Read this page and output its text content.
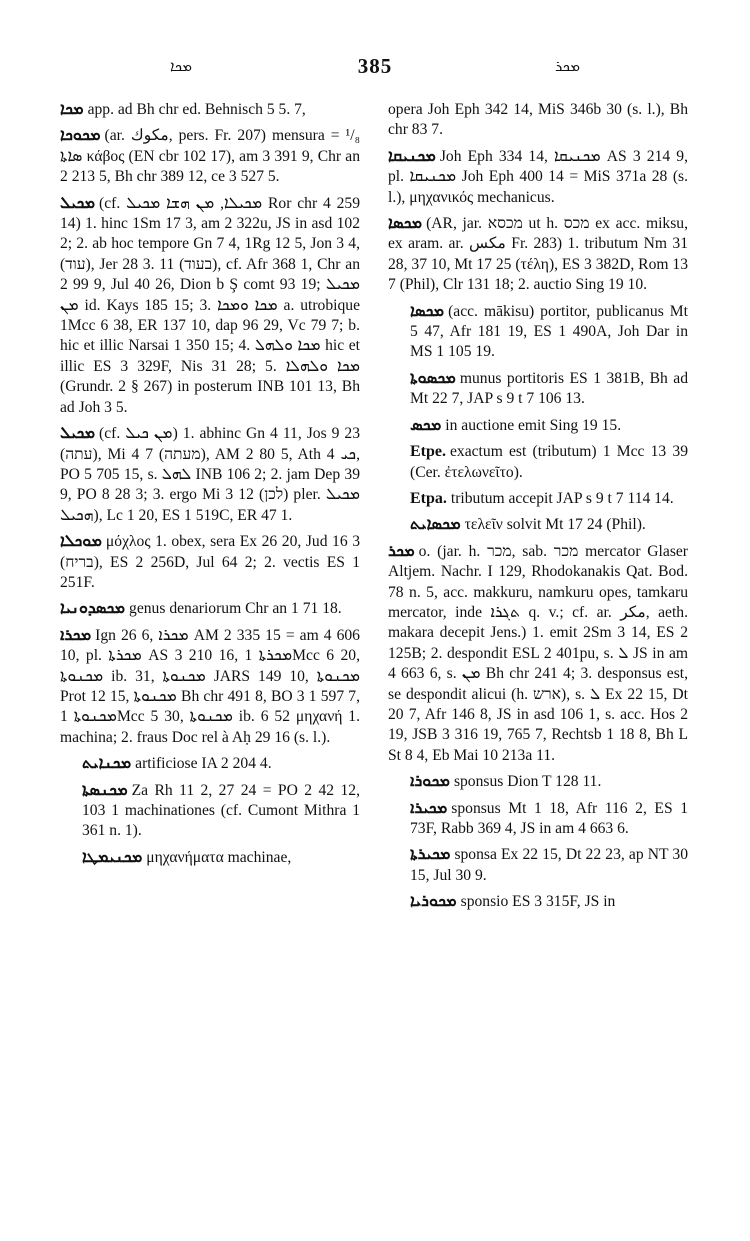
ܡܟܐ	385	ܡܟܪ

ܡܟܐ app. ad Bh chr ed. Behnisch 5 5. 7,

ܡܟܘܟܐ (ar. مكوك, pers. Fr. 207) mensura = ¹/₈ ܣܐܬܐ κάβος (EN cbr 102 17), am 3 391 9, Chr an 2 213 5, Bh chr 389 12, ce 3 527 5.

ܡܟܝܠ (cf. ܡܟܝܠܐ, ܡܢ ܗܫܐ ܡܟܝܠ Ror chr 4 259 14) 1. hinc 1Sm 17 3, am 2 322u, JS in asd 102 2; 2. ab hoc tempore Gn 7 4, 1Rg 12 5, Jon 3 4, (עוד), Jer 28 3. 11 (בעוד), cf. Afr 368 1, Chr an 2 99 9, Jul 40 26, Dion b Ş comt 93 19; ܡܟܝܠ ܡܢ id. Kays 185 15; 3. ܡܟܐ ܘܡܟܐ a. utrobique 1Mcc 6 38, ER 137 10, dap 96 29, Vc 79 7; b. hic et illic Narsai 1 350 15; 4. ܡܟܐ ܘܠܗܠ hic et illic ES 3 329F, Nis 31 28; 5. ܡܟܐ ܘܠܗܠܐ (Grundr. 2 § 267) in posterum INB 101 13, Bh ad Joh 3 5.

ܡܟܝܠ (cf. ܡܢ ܟܝܠ) 1. abhinc Gn 4 11, Jos 9 23 (עתה), Mi 4 7 (מעתה), AM 2 80 5, Ath ܟܝ 4, PO 5 705 15, s. ܠܗܠ INB 106 2; 2. jam Dep 39 9, PO 8 28 3; 3. ergo Mi 3 12 (לכן) pler. ܡܟܝܠ ܗܟܝܠ), Lc 1 20, ES 1 519C, ER 47 1.

ܡܘܟܠܐ μόχλος 1. obex, sera Ex 26 20, Jud 16 3 (בריח), ES 2 256D, Jul 64 2; 2. vectis ES 1 251F.

ܡܟܣܕܘܢܝܐ genus denariorum Chr an 1 71 18.

ܡܟܪܐ Ign 26 6, ܡܟܪܐ AM 2 335 15 = am 4 606 10, pl. ܡܟܪܬܐ AS 3 210 16, ܡܟܪܬܐ 1Mcc 6 20, ܡܟܢܘܬܐ ib. 31, ܡܟܢܘܬܐ JARS 149 10, ܡܟܢܘܬܐ Prot 12 15, ܡܟܢܘܬܐ Bh chr 491 8, BO 3 1 597 7, ܡܟܢܘܬܐ 1Mcc 5 30, ܡܟܢܘܬܐ ib. 6 52 μηχανή 1. machina; 2. fraus Doc rel à Aḥ 29 16 (s. l.).

ܡܟܢܐܝܬ artificiose IA 2 204 4.

ܡܟܢܣܬܐ Za Rh 11 2, 27 24 = PO 2 42 12, 103 1 machinationes (cf. Cumont Mithra 1 361 n. 1).

ܡܟܢܝܡܛܐ μηχανήματα machinae,

opera Joh Eph 342 14, MiS 346b 30 (s. l.), Bh chr 83 7.

ܡܟܢܝܩܐ Joh Eph 334 14, ܡܟܢܝܩܐ AS 3 214 9, pl. ܡܟܢܝܩܐ Joh Eph 400 14 = MiS 371a 28 (s. l.), μηχανικός mechanicus.

ܡܟܣܐ (AR, jar. מכסא ut h. מכס ex acc. miksu, ex aram. ar. مكس Fr. 283) 1. tributum Nm 31 28, 37 10, Mt 17 25 (τέλη), ES 3 382D, Rom 13 7 (Phil), Clr 131 18; 2. auctio Sing 19 10.

ܡܟܣܐ (acc. mākisu) portitor, publicanus Mt 5 47, Afr 181 19, ES 1 490A, Joh Dar in MS 1 105 19.

ܡܟܣܘܬܐ munus portitoris ES 1 381B, Bh ad Mt 22 7, JAP s 9 t 7 106 13.

ܡܟܣ in auctione emit Sing 19 15.

Etpe. exactum est (tributum) 1 Mcc 13 39 (Cer. ἐτελωνεῖτο).

Etpa. tributum accepit JAP s 9 t 7 114 14.

ܡܟܣܐܝܬ τελεῖν solvit Mt 17 24 (Phil).

ܡܟܪ o. (jar. h. מכר, sab. מכר mercator Glaser Altjem. Nachr. I 129, Rhodokanakis Qat. Bod. 78 n. 5, acc. makkuru, namkuru opes, tamkaru mercator, inde ܬܓܪܐ q. v.; cf. ar. مكر, aeth. makara decepit Jens.) 1. emit 2Sm 3 14, ES 2 125B; 2. despondit ESL 2 401pu, s. ܠ JS in am 4 663 6, s. ܡܢ Bh chr 241 4; 3. desponsus est, se despondit alicui (h. ארש), s. ܠ Ex 22 15, Dt 20 7, Afr 146 8, JS in asd 106 1, s. acc. Hos 2 19, JSB 3 316 19, 765 7, Rechtsb 1 18 8, Bh L St 8 4, Eb Mai 10 213a 11.

ܡܟܘܪܐ sponsus Dion T 128 11.

ܡܟܝܪܐ sponsus Mt 1 18, Afr 116 2, ES 1 73F, Rabb 369 4, JS in am 4 663 6.

ܡܟܝܪܬܐ sponsa Ex 22 15, Dt 22 23, ap NT 30 15, Jul 30 9.

ܡܟܘܪܝܐ sponsio ES 3 315F, JS in
